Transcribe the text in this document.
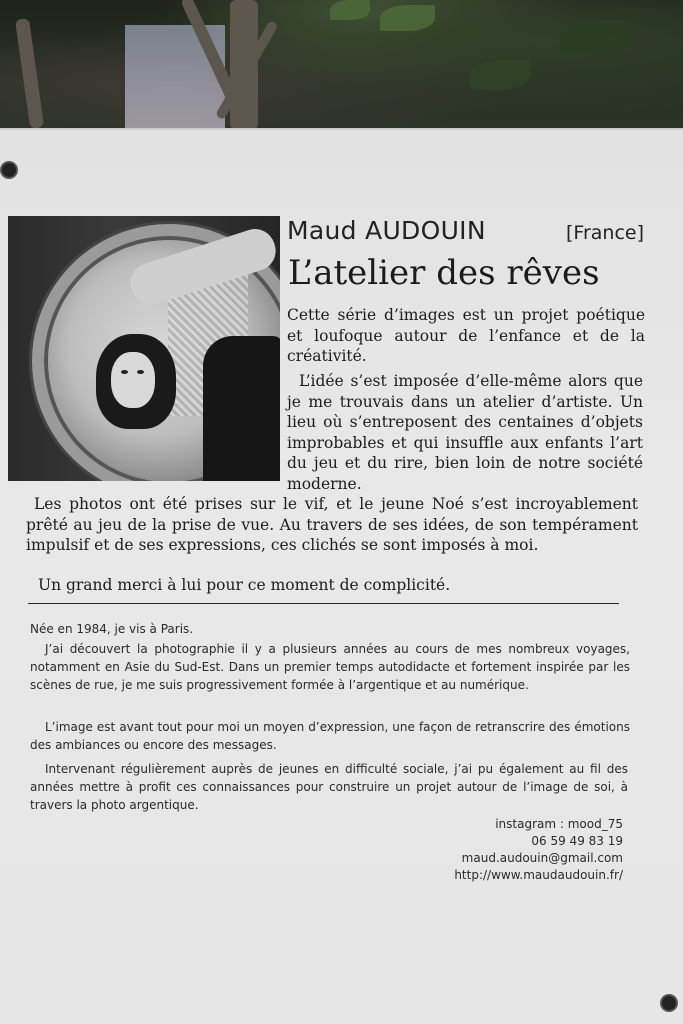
Maud AUDOUIN	[France]
L’atelier des rêves

Cette série d’images est un projet poétique et loufoque autour de l’enfance et de la créativité.

L’idée s’est imposée d’elle-même alors que je me trouvais dans un atelier d’artiste. Un lieu où s’entreposent des centaines d’objets improbables et qui insuffle aux enfants l’art du jeu et du rire, bien loin de notre société moderne.

Les photos ont été prises sur le vif, et le jeune Noé s’est incroyablement prêté au jeu de la prise de vue. Au travers de ses idées, de son tempérament impulsif et de ses expressions, ces clichés se sont imposés à moi.

Un grand merci à lui pour ce moment de complicité.

Née en 1984, je vis à Paris.
J’ai découvert la photographie il y a plusieurs années au cours de mes nombreux voyages, notamment en Asie du Sud-Est. Dans un premier temps autodidacte et fortement inspirée par les scènes de rue, je me suis progressivement formée à l’argentique et au numérique.
L’image est avant tout pour moi un moyen d’expression, une façon de retranscrire des émotions des ambiances ou encore des messages.
Intervenant régulièrement auprès de jeunes en difficulté sociale, j’ai pu également au fil des années mettre à profit ces connaissances pour construire un projet autour de l’image de soi, à travers la photo argentique.
instagram : mood_75
06 59 49 83 19
maud.audouin@gmail.com
http://www.maudaudouin.fr/
